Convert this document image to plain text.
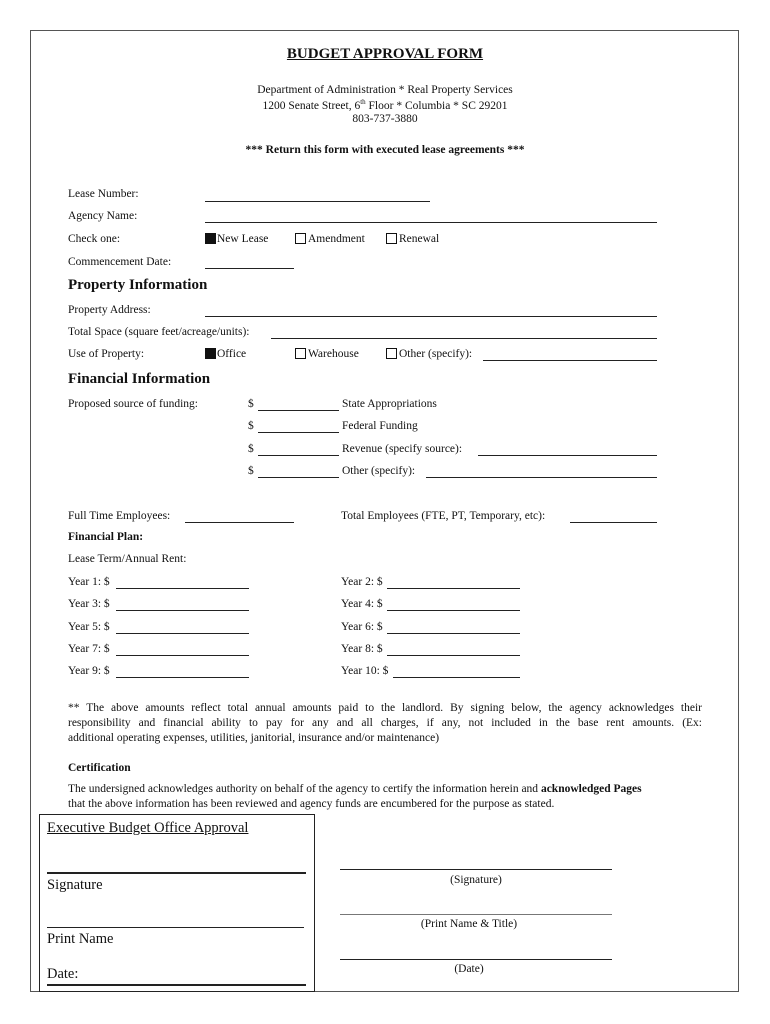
BUDGET APPROVAL FORM
Department of Administration * Real Property Services
1200 Senate Street, 6th Floor * Columbia * SC 29201
803-737-3880
*** Return this form with executed lease agreements ***
Lease Number:
Agency Name:
Check one:	New Lease	Amendment	Renewal
Commencement Date:
Property Information
Property Address:
Total Space (square feet/acreage/units):
Use of Property:	Office	Warehouse	Other (specify):
Financial Information
Proposed source of funding:	$	State Appropriations
$	Federal Funding
$	Revenue (specify source):
$	Other (specify):
Full Time Employees:	Total Employees (FTE, PT, Temporary, etc):
Financial Plan:
Lease Term/Annual Rent:
Year 1: $	Year 2: $
Year 3: $	Year 4: $
Year 5: $	Year 6: $
Year 7: $	Year 8: $
Year 9: $	Year 10: $
** The above amounts reflect total annual amounts paid to the landlord. By signing below, the agency acknowledges their
responsibility and financial ability to pay for any and all charges, if any, not included in the base rent amounts. (Ex:
additional operating expenses, utilities, janitorial, insurance and/or maintenance)
Certification
The undersigned acknowledges authority on behalf of the agency to certify the information herein and acknowledged Pages
that the above information has been reviewed and agency funds are encumbered for the purpose as stated.
Executive Budget Office Approval
Signature
Print Name
Date:
(Signature)
(Print Name & Title)
(Date)
